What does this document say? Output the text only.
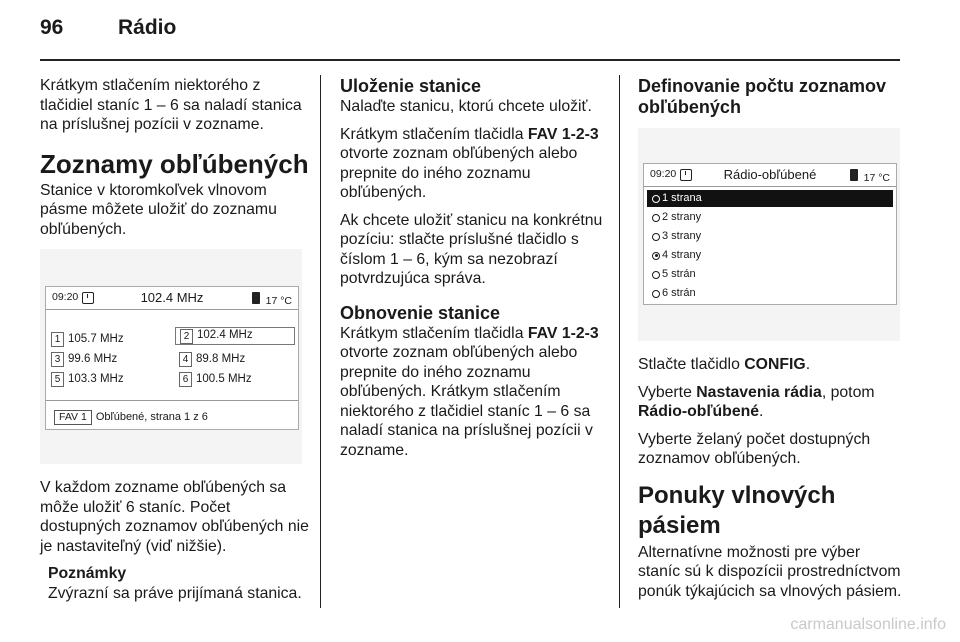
96	Rádio

Krátkym stlačením niektorého z tlačidiel staníc 1 – 6 sa naladí stanica na príslušnej pozícii v zozname.

Zoznamy obľúbených

Stanice v ktoromkoľvek vlnovom pásme môžete uložiť do zoznamu obľúbených.

09:20	102.4 MHz	17 °C
1 105.7 MHz	2 102.4 MHz
3 99.6 MHz	4 89.8 MHz
5 103.3 MHz	6 100.5 MHz
FAV 1 Obľúbené, strana 1 z 6

V každom zozname obľúbených sa môže uložiť 6 staníc. Počet dostupných zoznamov obľúbených nie je nastaviteľný (viď nižšie).

Poznámky
Zvýrazní sa práve prijímaná stanica.
Uloženie stanice

Nalaďte stanicu, ktorú chcete uložiť.

Krátkym stlačením tlačidla FAV 1-2-3 otvorte zoznam obľúbených alebo prepnite do iného zoznamu obľúbených.

Ak chcete uložiť stanicu na konkrétnu pozíciu: stlačte príslušné tlačidlo s číslom 1 – 6, kým sa nezobrazí potvrdzujúca správa.

Obnovenie stanice

Krátkym stlačením tlačidla FAV 1-2-3 otvorte zoznam obľúbených alebo prepnite do iného zoznamu obľúbených. Krátkym stlačením niektorého z tlačidiel staníc 1 – 6 sa naladí stanica na príslušnej pozícii v zozname.

Definovanie počtu zoznamov obľúbených
09:20	Rádio-obľúbené	17 °C
1 strana
2 strany
3 strany
4 strany
5 strán
6 strán

Stlačte tlačidlo CONFIG.

Vyberte Nastavenia rádia, potom Rádio-obľúbené.

Vyberte želaný počet dostupných zoznamov obľúbených.

Ponuky vlnových pásiem

Alternatívne možnosti pre výber staníc sú k dispozícii prostredníctvom ponúk týkajúcich sa vlnových pásiem.

carmanualsonline.info
